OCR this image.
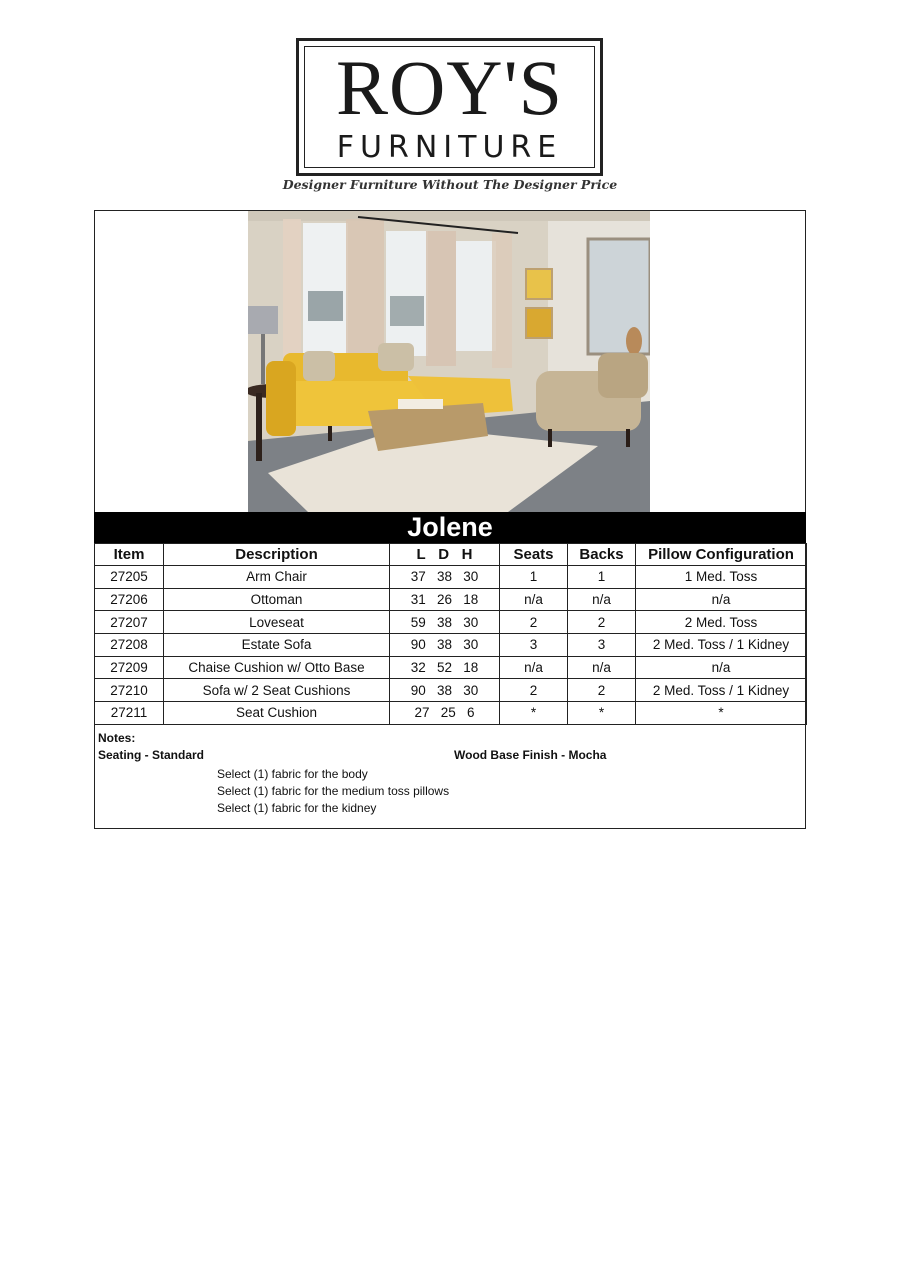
ROY'S
FURNITURE
Designer Furniture Without The Designer Price
Jolene
Item	Description	L D H	Seats	Backs	Pillow Configuration
27205	Arm Chair	37 38 30	1	1	1 Med. Toss
27206	Ottoman	31 26 18	n/a	n/a	n/a
27207	Loveseat	59 38 30	2	2	2 Med. Toss
27208	Estate Sofa	90 38 30	3	3	2 Med. Toss / 1 Kidney
27209	Chaise Cushion w/ Otto Base	32 52 18	n/a	n/a	n/a
27210	Sofa w/ 2 Seat Cushions	90 38 30	2	2	2 Med. Toss / 1 Kidney
27211	Seat Cushion	27 25 6	*	*	*
Notes:
Seating - Standard	Wood Base Finish - Mocha
Select (1) fabric for the body
Select (1) fabric for the medium toss pillows
Select (1) fabric for the kidney
